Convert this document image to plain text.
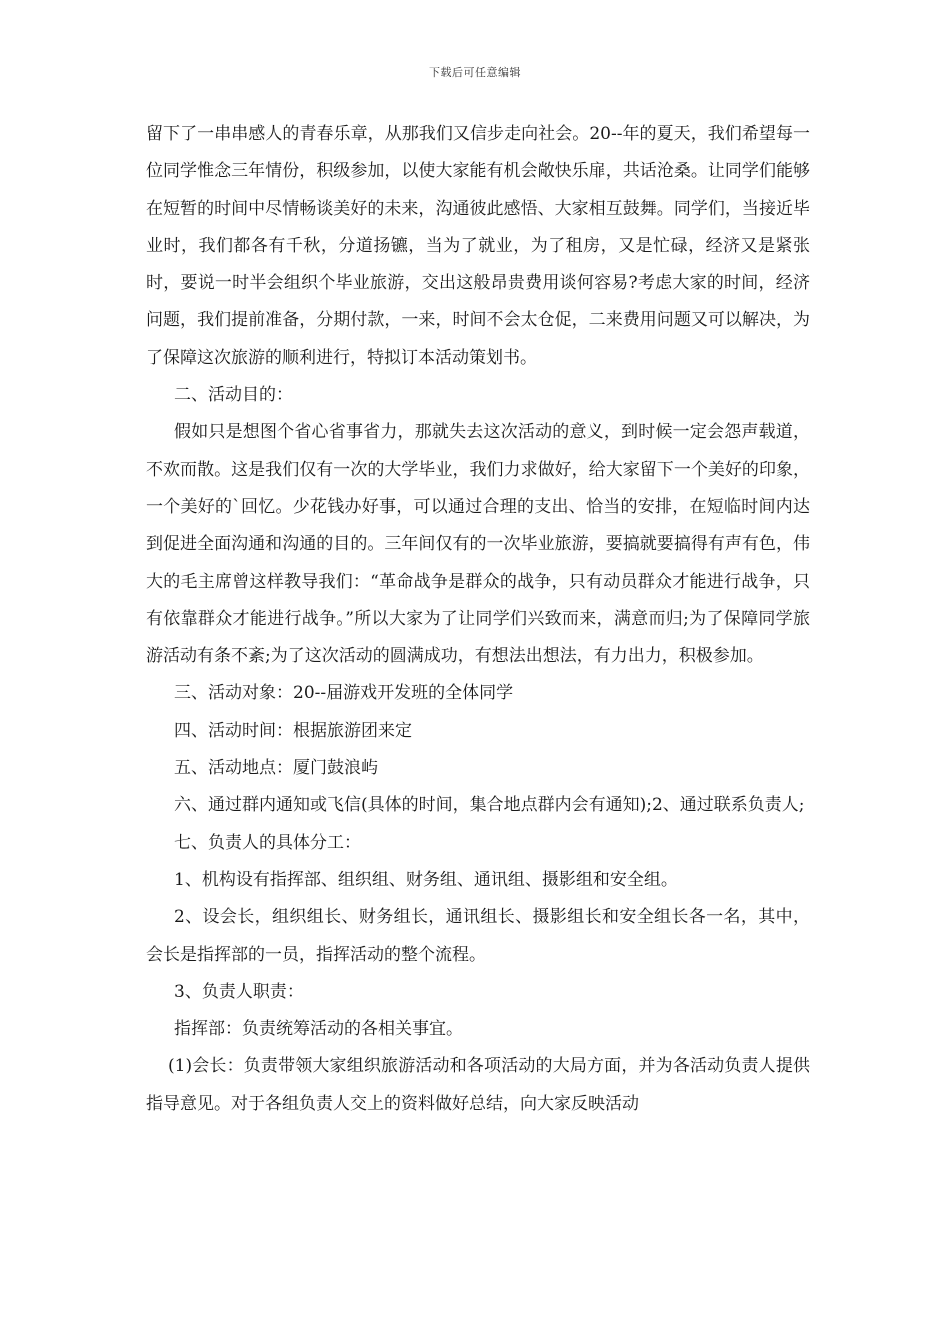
下载后可任意编辑

留下了一串串感人的青春乐章，从那我们又信步走向社会。20--年的夏天，我们希望每一位同学惟念三年情份，积级参加，以使大家能有机会敞快乐扉，共话沧桑。让同学们能够在短暂的时间中尽情畅谈美好的未来，沟通彼此感悟、大家相互鼓舞。同学们，当接近毕业时，我们都各有千秋，分道扬镳，当为了就业，为了租房，又是忙碌，经济又是紧张时，要说一时半会组织个毕业旅游，交出这般昂贵费用谈何容易?考虑大家的时间，经济问题，我们提前准备，分期付款，一来，时间不会太仓促，二来费用问题又可以解决，为了保障这次旅游的顺利进行，特拟订本活动策划书。

二、活动目的：

假如只是想图个省心省事省力，那就失去这次活动的意义，到时候一定会怨声载道，不欢而散。这是我们仅有一次的大学毕业，我们力求做好，给大家留下一个美好的印象，一个美好的`回忆。少花钱办好事，可以通过合理的支出、恰当的安排，在短临时间内达到促进全面沟通和沟通的目的。三年间仅有的一次毕业旅游，要搞就要搞得有声有色，伟大的毛主席曾这样教导我们：“革命战争是群众的战争，只有动员群众才能进行战争，只有依靠群众才能进行战争。”所以大家为了让同学们兴致而来，满意而归;为了保障同学旅游活动有条不紊;为了这次活动的圆满成功，有想法出想法，有力出力，积极参加。

三、活动对象：20--届游戏开发班的全体同学

四、活动时间：根据旅游团来定

五、活动地点：厦门鼓浪屿

六、通过群内通知或飞信(具体的时间，集合地点群内会有通知);2、通过联系负责人;

七、负责人的具体分工：

1、机构设有指挥部、组织组、财务组、通讯组、摄影组和安全组。

2、设会长，组织组长、财务组长，通讯组长、摄影组长和安全组长各一名，其中，会长是指挥部的一员，指挥活动的整个流程。

3、负责人职责：

指挥部：负责统筹活动的各相关事宜。

(1)会长：负责带领大家组织旅游活动和各项活动的大局方面，并为各活动负责人提供指导意见。对于各组负责人交上的资料做好总结，向大家反映活动
